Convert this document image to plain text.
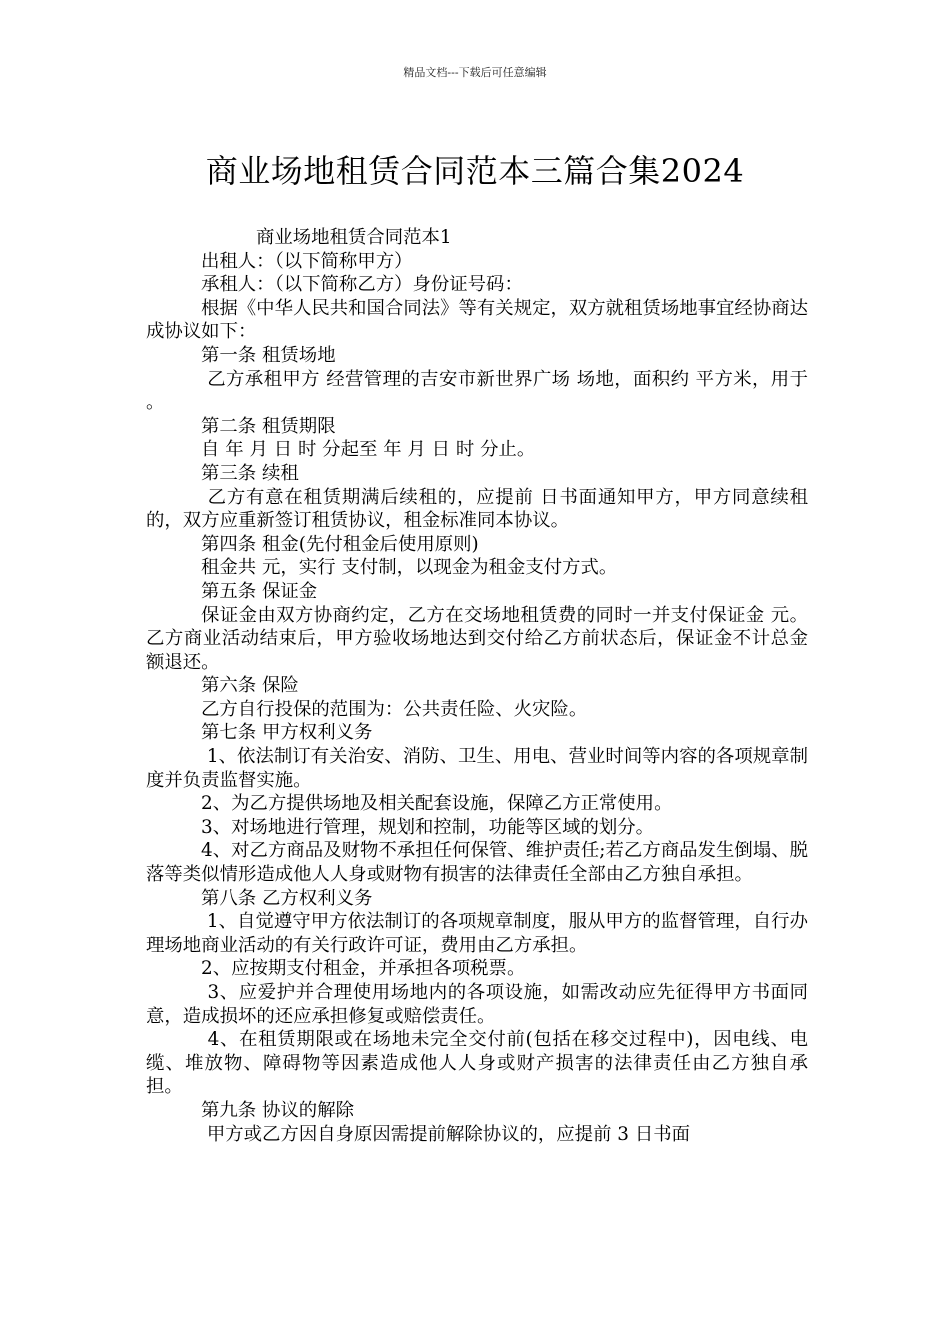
精品文档---下载后可任意编辑
商业场地租赁合同范本三篇合集2024

商业场地租赁合同范本1

出租人：（以下简称甲方）

承租人：（以下简称乙方）身份证号码：

根据《中华人民共和国合同法》等有关规定，双方就租赁场地事宜经协商达成协议如下：

第一条 租赁场地

乙方承租甲方 经营管理的吉安市新世界广场 场地，面积约 平方米，用于 。

第二条 租赁期限

自 年 月 日 时 分起至 年 月 日 时 分止。

第三条 续租

乙方有意在租赁期满后续租的，应提前 日书面通知甲方，甲方同意续租的，双方应重新签订租赁协议，租金标准同本协议。

第四条 租金(先付租金后使用原则)

租金共 元，实行 支付制，以现金为租金支付方式。

第五条 保证金

保证金由双方协商约定，乙方在交场地租赁费的同时一并支付保证金 元。乙方商业活动结束后，甲方验收场地达到交付给乙方前状态后，保证金不计总金额退还。

第六条 保险

乙方自行投保的范围为：公共责任险、火灾险。

第七条 甲方权利义务

1、依法制订有关治安、消防、卫生、用电、营业时间等内容的各项规章制度并负责监督实施。

2、为乙方提供场地及相关配套设施，保障乙方正常使用。

3、对场地进行管理，规划和控制，功能等区域的划分。

4、对乙方商品及财物不承担任何保管、维护责任;若乙方商品发生倒塌、脱落等类似情形造成他人人身或财物有损害的法律责任全部由乙方独自承担。

第八条 乙方权利义务

1、自觉遵守甲方依法制订的各项规章制度，服从甲方的监督管理，自行办理场地商业活动的有关行政许可证，费用由乙方承担。

2、应按期支付租金，并承担各项税票。

3、应爱护并合理使用场地内的各项设施，如需改动应先征得甲方书面同意，造成损坏的还应承担修复或赔偿责任。

4、在租赁期限或在场地未完全交付前(包括在移交过程中)，因电线、电缆、堆放物、障碍物等因素造成他人人身或财产损害的法律责任由乙方独自承担。

第九条 协议的解除

甲方或乙方因自身原因需提前解除协议的，应提前 3 日书面
